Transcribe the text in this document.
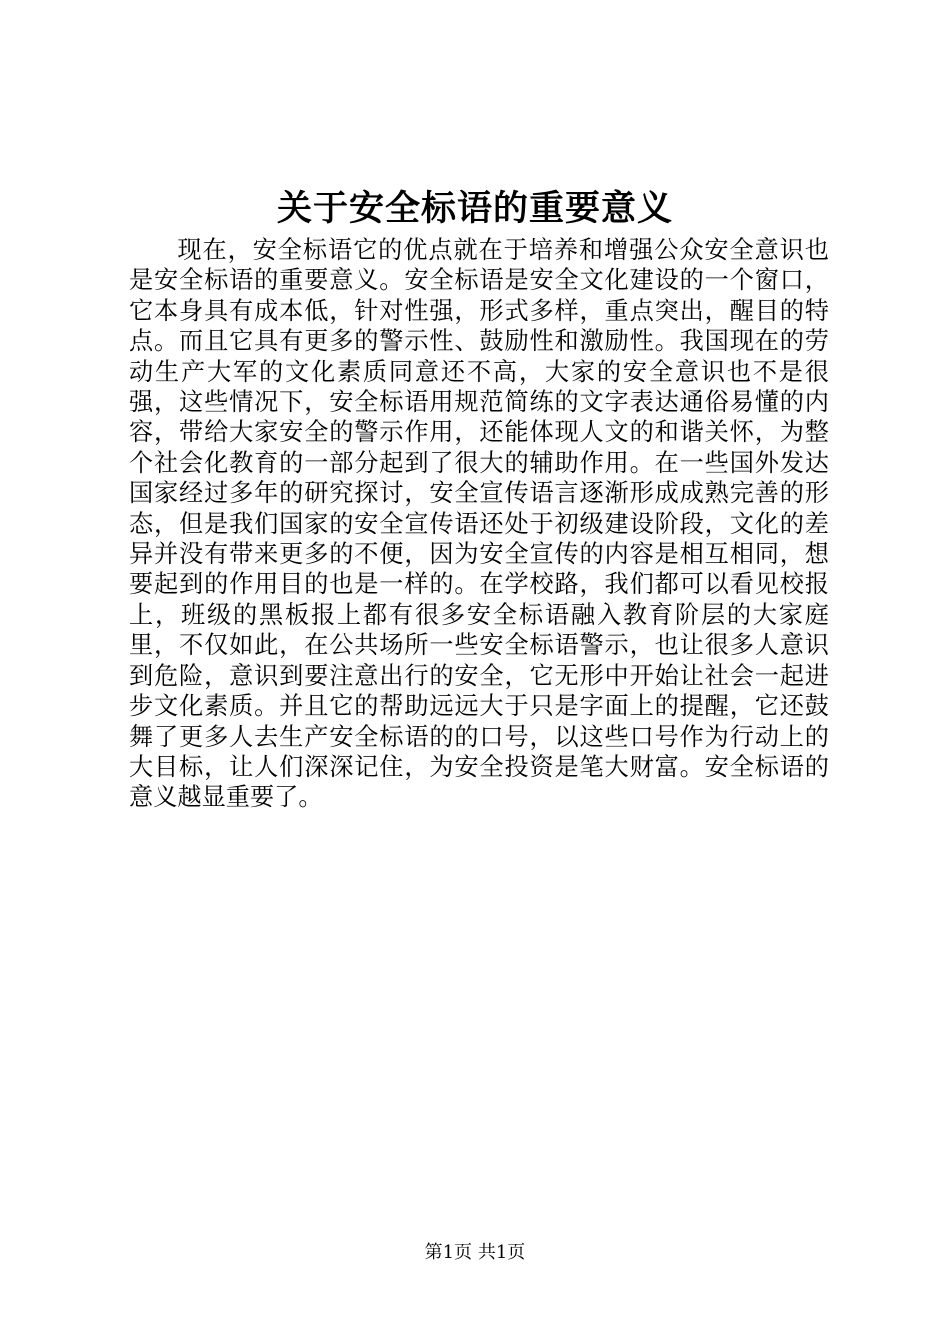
关于安全标语的重要意义

现在，安全标语它的优点就在于培养和增强公众安全意识也是安全标语的重要意义。安全标语是安全文化建设的一个窗口，它本身具有成本低，针对性强，形式多样，重点突出，醒目的特点。而且它具有更多的警示性、鼓励性和激励性。我国现在的劳动生产大军的文化素质同意还不高，大家的安全意识也不是很强，这些情况下，安全标语用规范简练的文字表达通俗易懂的内容，带给大家安全的警示作用，还能体现人文的和谐关怀，为整个社会化教育的一部分起到了很大的辅助作用。在一些国外发达国家经过多年的研究探讨，安全宣传语言逐渐形成成熟完善的形态，但是我们国家的安全宣传语还处于初级建设阶段，文化的差异并没有带来更多的不便，因为安全宣传的内容是相互相同，想要起到的作用目的也是一样的。在学校路，我们都可以看见校报上，班级的黑板报上都有很多安全标语融入教育阶层的大家庭里，不仅如此，在公共场所一些安全标语警示，也让很多人意识到危险，意识到要注意出行的安全，它无形中开始让社会一起进步文化素质。并且它的帮助远远大于只是字面上的提醒，它还鼓舞了更多人去生产安全标语的的口号，以这些口号作为行动上的大目标，让人们深深记住，为安全投资是笔大财富。安全标语的意义越显重要了。

第1页 共1页
